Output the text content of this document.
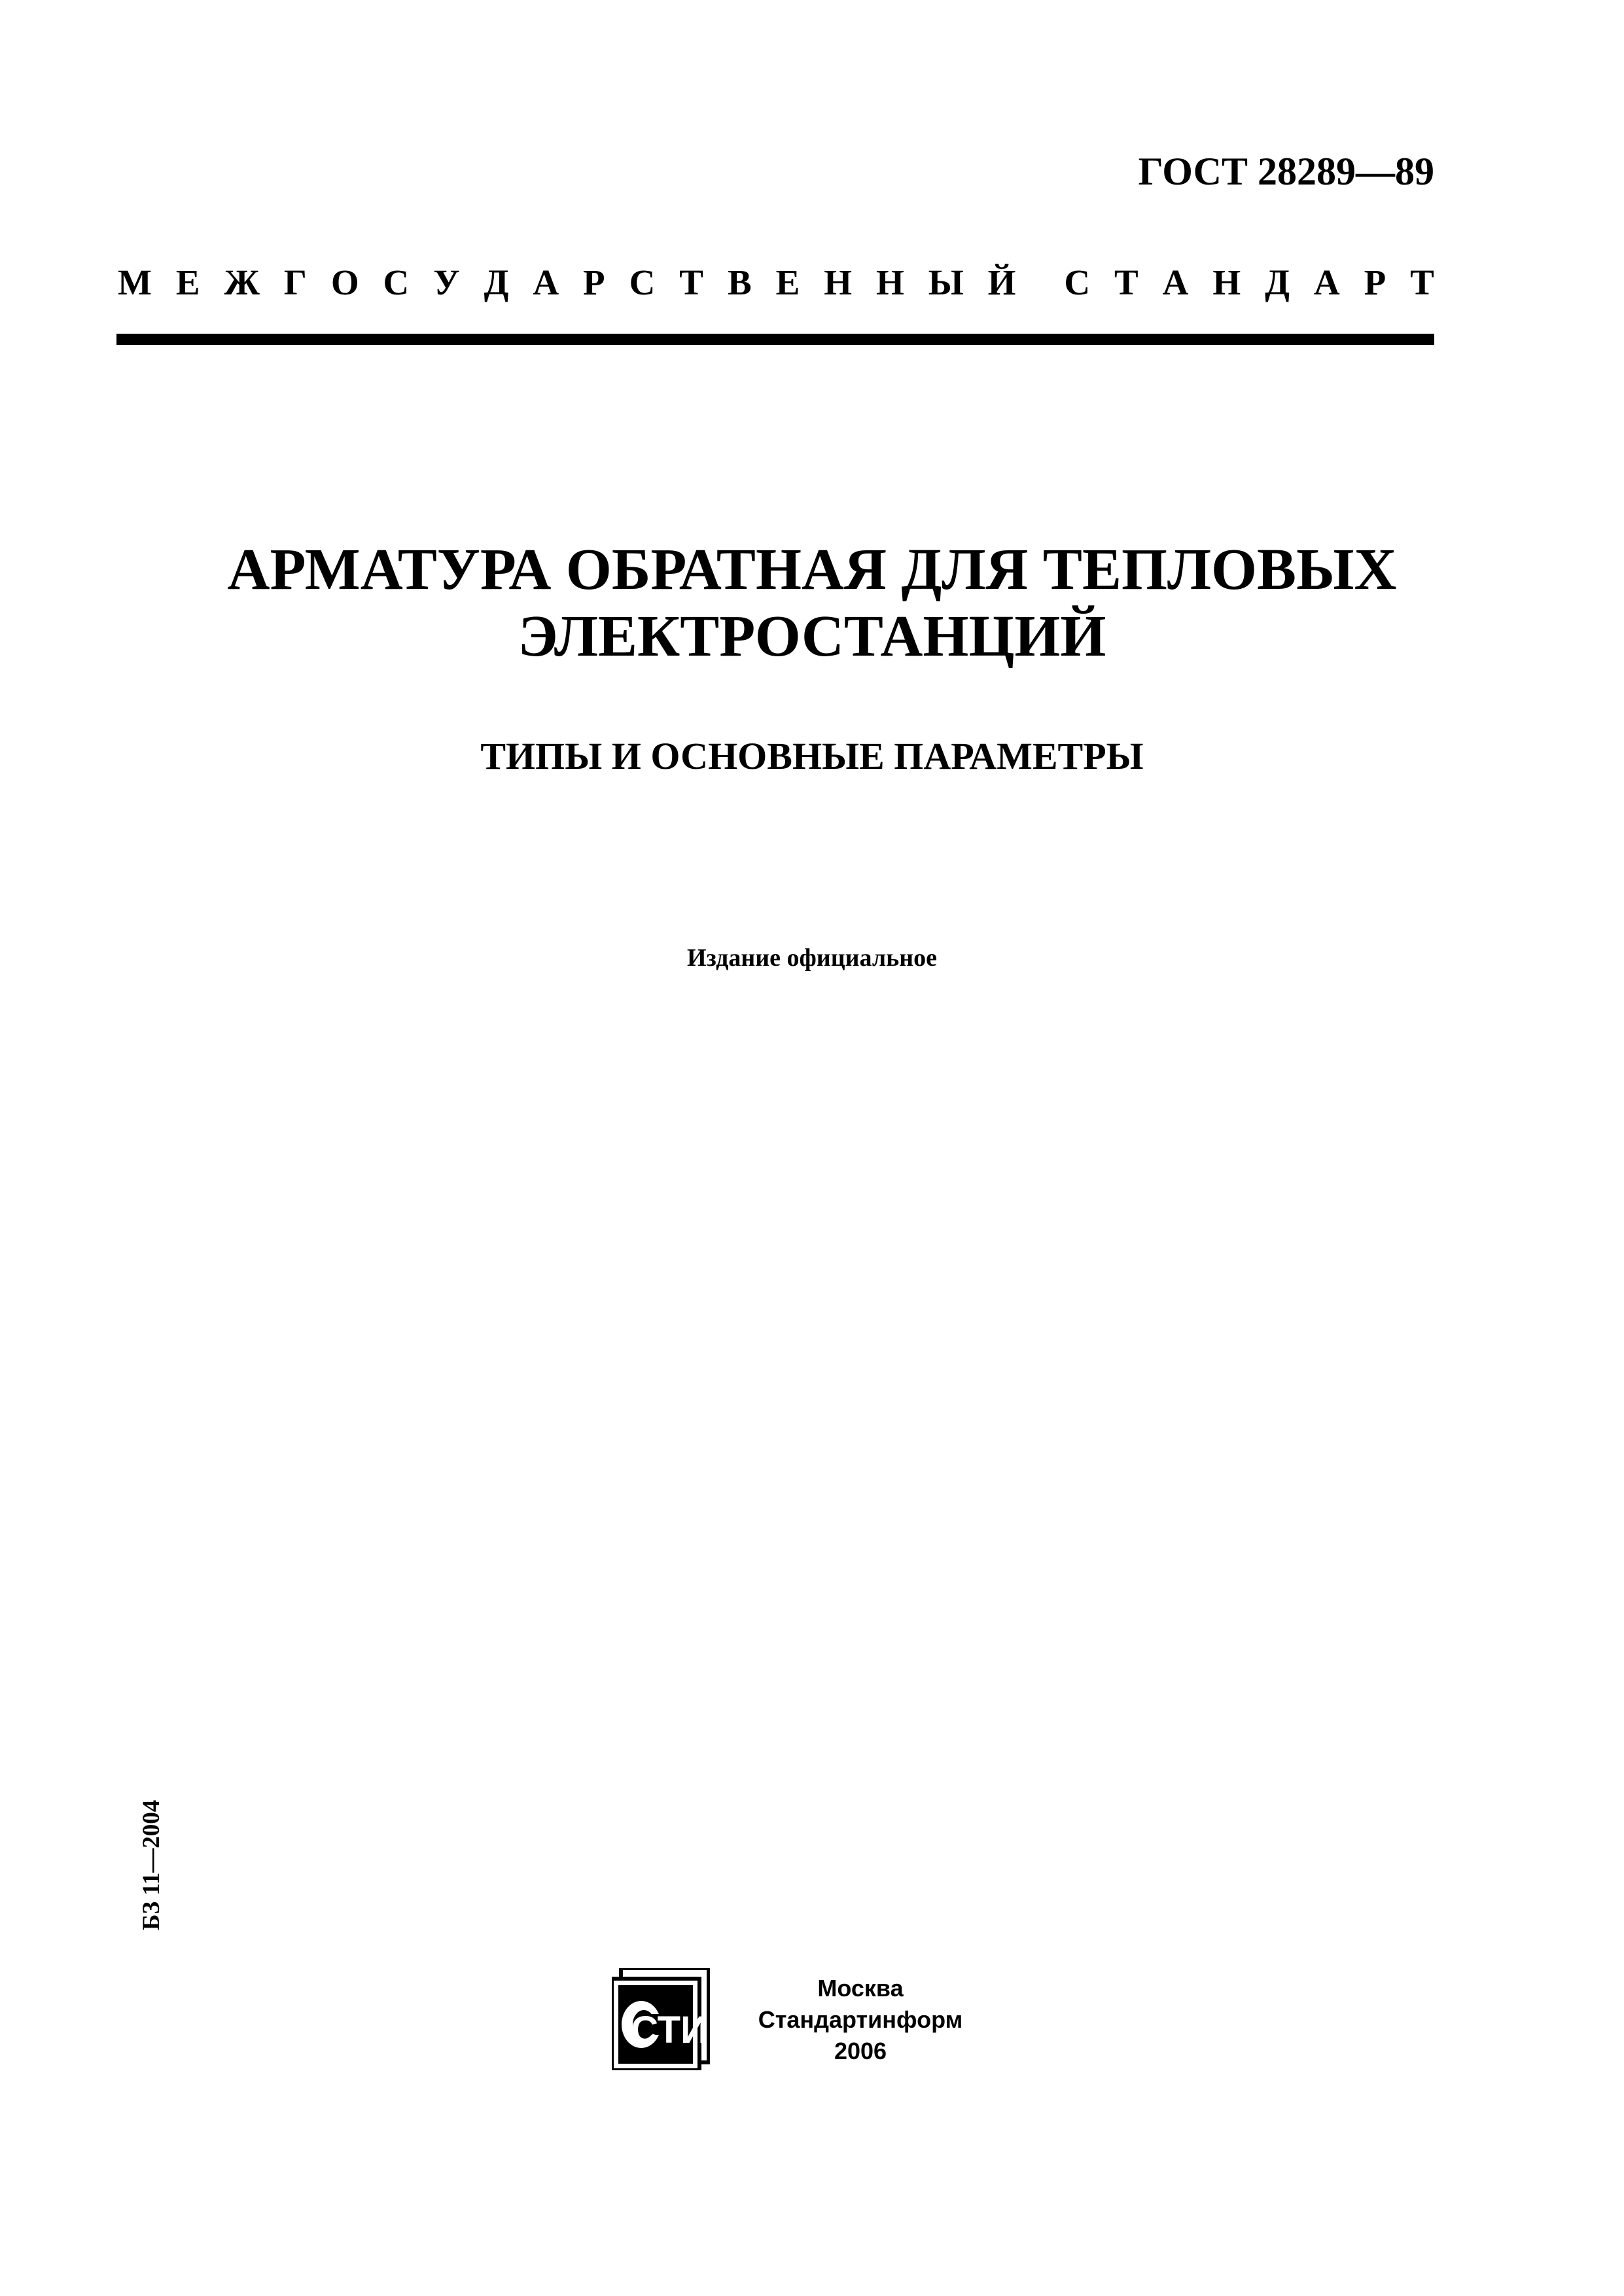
ГОСТ 28289—89
М Е Ж Г О С У Д А Р С Т В Е Н Н Ы Й С Т А Н Д А Р Т
АРМАТУРА ОБРАТНАЯ ДЛЯ ТЕПЛОВЫХ
ЭЛЕКТРОСТАНЦИЙ
ТИПЫ И ОСНОВНЫЕ ПАРАМЕТРЫ
Издание официальное
БЗ 11—2004
СТИ
Москва
Стандартинформ
2006
